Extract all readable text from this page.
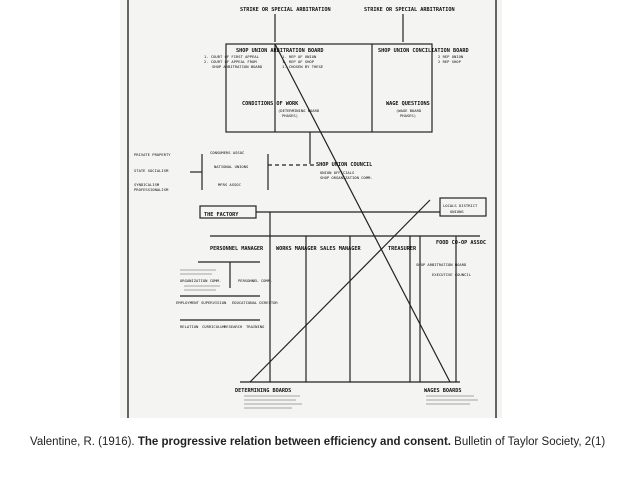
STRIKE OR SPECIAL ARBITRATION	STRIKE OR SPECIAL ARBITRATION
SHOP UNION ARBITRATION BOARD	SHOP UNION CONCILIATION BOARD
CONDITIONS OF WORK	WAGE QUESTIONS
SHOP UNION COUNCIL
THE FACTORY
PERSONNEL MANAGER WORKS MANAGER SALES MANAGER	TREASURER
FOOD CO-OP ASSOC
DETERMINING BOARDS	WAGES BOARDS
1. COURT OF FIRST APPEAL
2. COURT OF APPEAL FROM
SHOP ARBITRATION BOARD
1. REP OF UNION
1. REP OF SHOP
1. CHOSEN BY THESE
2 REP UNION
2 REP SHOP
(DETERMINING BOARD
PHASES)
(WAGE BOARD
PHASES)
PRIVATE PROPERTY
STATE SOCIALISM
SYNDICALISM
PROFESSIONALISM
CONSUMERS ASSOC
NATIONAL UNIONS
MFRS ASSOC
UNION OFFICIALS
SHOP ORGANIZATION COMM.
LOCALS DISTRICT
UNIONS
SHOP ARBITRATION BOARD
EXECUTIVE COUNCIL
ORGANIZATION COMM.	PERSONNEL COMM.
EMPLOYMENT SUPERVISION EDUCATIONAL DIRECTOR
RELATION CURRICULUM RESEARCH TRAINING
Valentine, R. (1916). The progressive relation between efficiency and consent. Bulletin of Taylor Society, 2(1)
